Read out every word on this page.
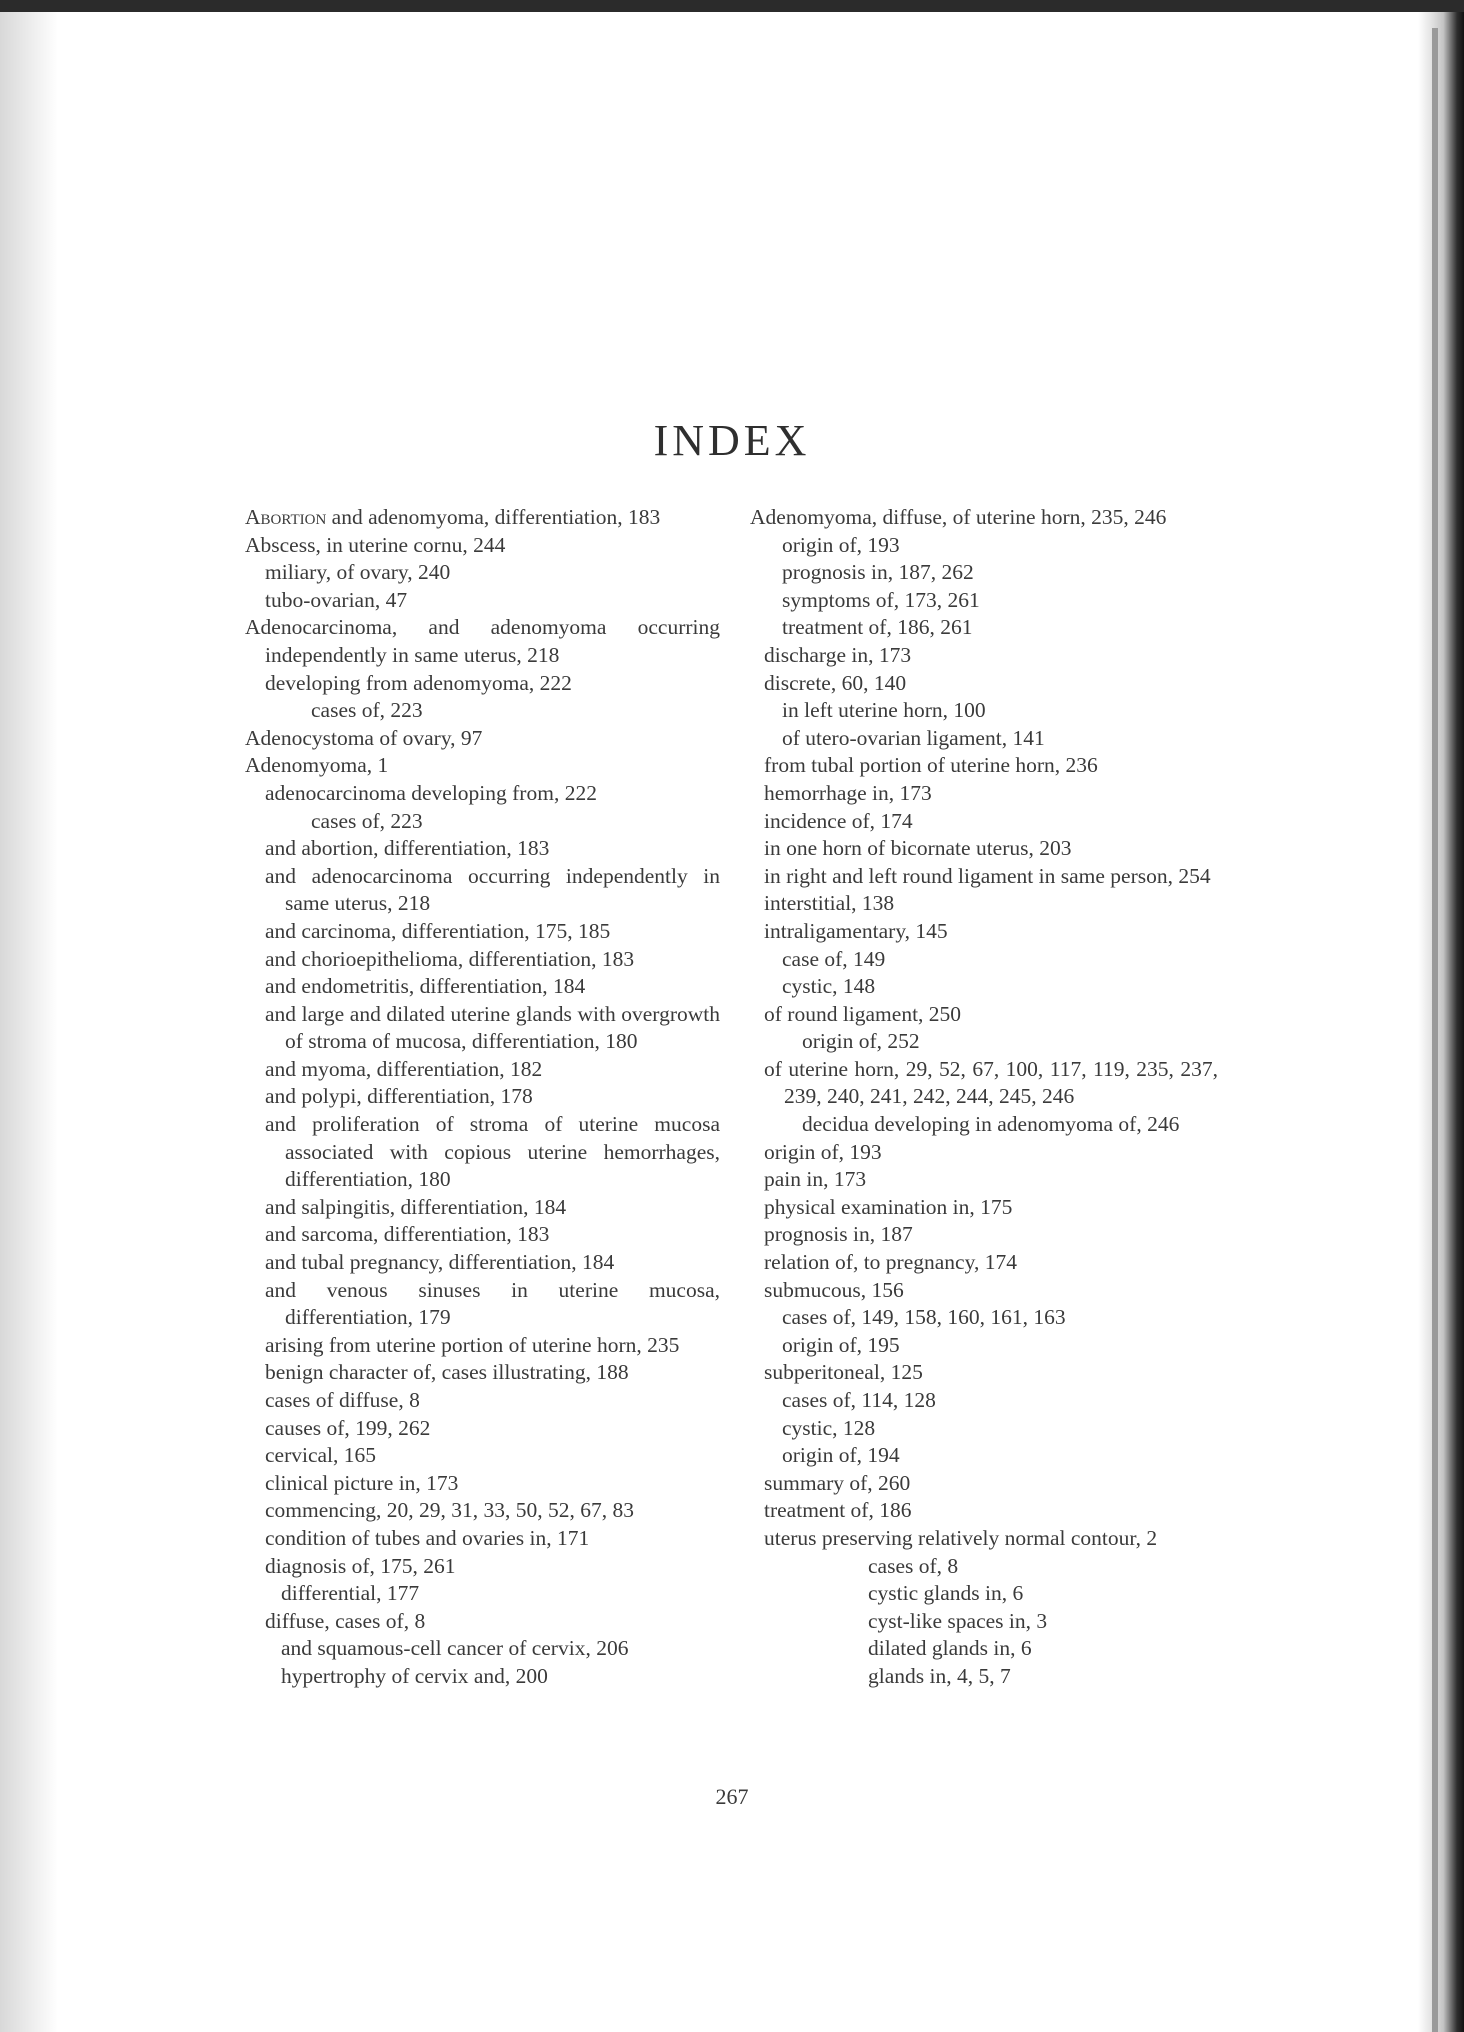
INDEX
Abortion and adenomyoma, differentiation, 183
Abscess, in uterine cornu, 244
miliary, of ovary, 240
tubo-ovarian, 47
Adenocarcinoma, and adenomyoma occurring independently in same uterus, 218
developing from adenomyoma, 222
cases of, 223
Adenocystoma of ovary, 97
Adenomyoma, 1
adenocarcinoma developing from, 222
cases of, 223
and abortion, differentiation, 183
and adenocarcinoma occurring independently in same uterus, 218
and carcinoma, differentiation, 175, 185
and chorioepithelioma, differentiation, 183
and endometritis, differentiation, 184
and large and dilated uterine glands with overgrowth of stroma of mucosa, differentiation, 180
and myoma, differentiation, 182
and polypi, differentiation, 178
and proliferation of stroma of uterine mucosa associated with copious uterine hemorrhages, differentiation, 180
and salpingitis, differentiation, 184
and sarcoma, differentiation, 183
and tubal pregnancy, differentiation, 184
and venous sinuses in uterine mucosa, differentiation, 179
arising from uterine portion of uterine horn, 235
benign character of, cases illustrating, 188
cases of diffuse, 8
causes of, 199, 262
cervical, 165
clinical picture in, 173
commencing, 20, 29, 31, 33, 50, 52, 67, 83
condition of tubes and ovaries in, 171
diagnosis of, 175, 261
differential, 177
diffuse, cases of, 8
and squamous-cell cancer of cervix, 206
hypertrophy of cervix and, 200
Adenomyoma, diffuse, of uterine horn, 235, 246
origin of, 193
prognosis in, 187, 262
symptoms of, 173, 261
treatment of, 186, 261
discharge in, 173
discrete, 60, 140
in left uterine horn, 100
of utero-ovarian ligament, 141
from tubal portion of uterine horn, 236
hemorrhage in, 173
incidence of, 174
in one horn of bicornate uterus, 203
in right and left round ligament in same person, 254
interstitial, 138
intraligamentary, 145
case of, 149
cystic, 148
of round ligament, 250
origin of, 252
of uterine horn, 29, 52, 67, 100, 117, 119, 235, 237, 239, 240, 241, 242, 244, 245, 246
decidua developing in adenomyoma of, 246
origin of, 193
pain in, 173
physical examination in, 175
prognosis in, 187
relation of, to pregnancy, 174
submucous, 156
cases of, 149, 158, 160, 161, 163
origin of, 195
subperitoneal, 125
cases of, 114, 128
cystic, 128
origin of, 194
summary of, 260
treatment of, 186
uterus preserving relatively normal contour, 2
cases of, 8
cystic glands in, 6
cyst-like spaces in, 3
dilated glands in, 6
glands in, 4, 5, 7
267
